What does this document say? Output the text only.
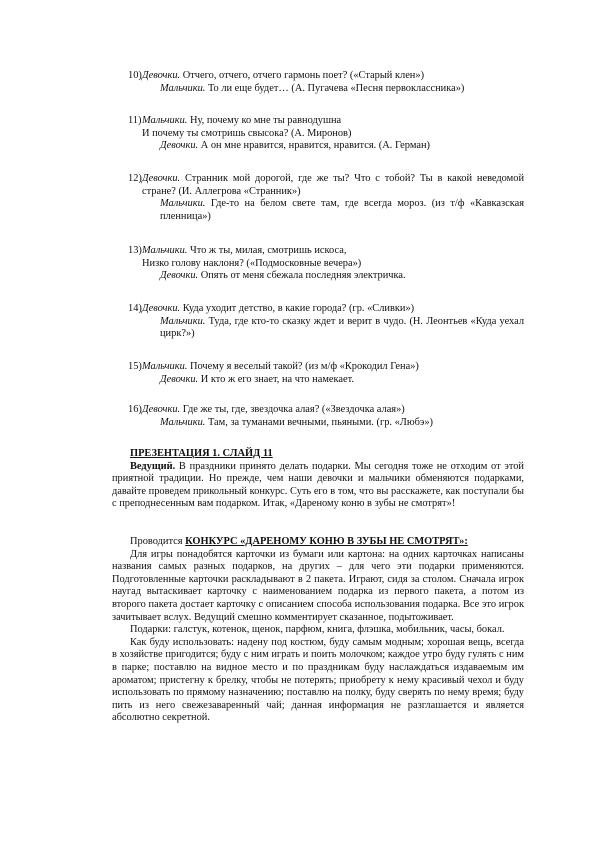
10) Девочки. Отчего, отчего, отчего гармонь поет? («Старый клен»)
Мальчики. То ли еще будет… (А. Пугачева «Песня первоклассника»)
11) Мальчики. Ну, почему ко мне ты равнодушна
И почему ты смотришь свысока? (А. Миронов)
Девочки. А он мне нравится, нравится, нравится. (А. Герман)
12) Девочки. Странник мой дорогой, где же ты? Что с тобой? Ты в какой неведомой стране? (И. Аллегрова «Странник»)
Мальчики. Где-то на белом свете там, где всегда мороз. (из т/ф «Кавказская пленница»)
13) Мальчики. Что ж ты, милая, смотришь искоса,
Низко голову наклоня? («Подмосковные вечера»)
Девочки. Опять от меня сбежала последняя электричка.
14) Девочки. Куда уходит детство, в какие города? (гр. «Сливки»)
Мальчики. Туда, где кто-то сказку ждет и верит в чудо. (Н. Леонтьев «Куда уехал цирк?»)
15) Мальчики. Почему я веселый такой? (из м/ф «Крокодил Гена»)
Девочки. И кто ж его знает, на что намекает.
16) Девочки. Где же ты, где, звездочка алая? («Звездочка алая»)
Мальчики. Там, за туманами вечными, пьяными. (гр. «Любэ»)

ПРЕЗЕНТАЦИЯ 1. СЛАЙД 11

Ведущий. В праздники принято делать подарки. Мы сегодня тоже не отходим от этой приятной традиции. Но прежде, чем наши девочки и мальчики обменяются подарками, давайте проведем прикольный конкурс. Суть его в том, что вы расскажете, как поступали бы с преподнесенным вам подарком. Итак, «Дареному коню в зубы не смотрят»!

Проводится КОНКУРС «ДАРЕНОМУ КОНЮ В ЗУБЫ НЕ СМОТРЯТ»:

Для игры понадобятся карточки из бумаги или картона: на одних карточках написаны названия самых разных подарков, на других – для чего эти подарки применяются. Подготовленные карточки раскладывают в 2 пакета. Играют, сидя за столом. Сначала игрок наугад вытаскивает карточку с наименованием подарка из первого пакета, а потом из второго пакета достает карточку с описанием способа использования подарка. Все это игрок зачитывает вслух. Ведущий смешно комментирует сказанное, подытоживает.

Подарки: галстук, котенок, щенок, парфюм, книга, флэшка, мобильник, часы, бокал.

Как буду использовать: надену под костюм, буду самым модным; хорошая вещь, всегда в хозяйстве пригодится; буду с ним играть и поить молочком; каждое утро буду гулять с ним в парке; поставлю на видное место и по праздникам буду наслаждаться издаваемым им ароматом; пристегну к брелку, чтобы не потерять; приобрету к нему красивый чехол и буду использовать по прямому назначению; поставлю на полку, буду сверять по нему время; буду пить из него свежезаваренный чай; данная информация не разглашается и является абсолютно секретной.
